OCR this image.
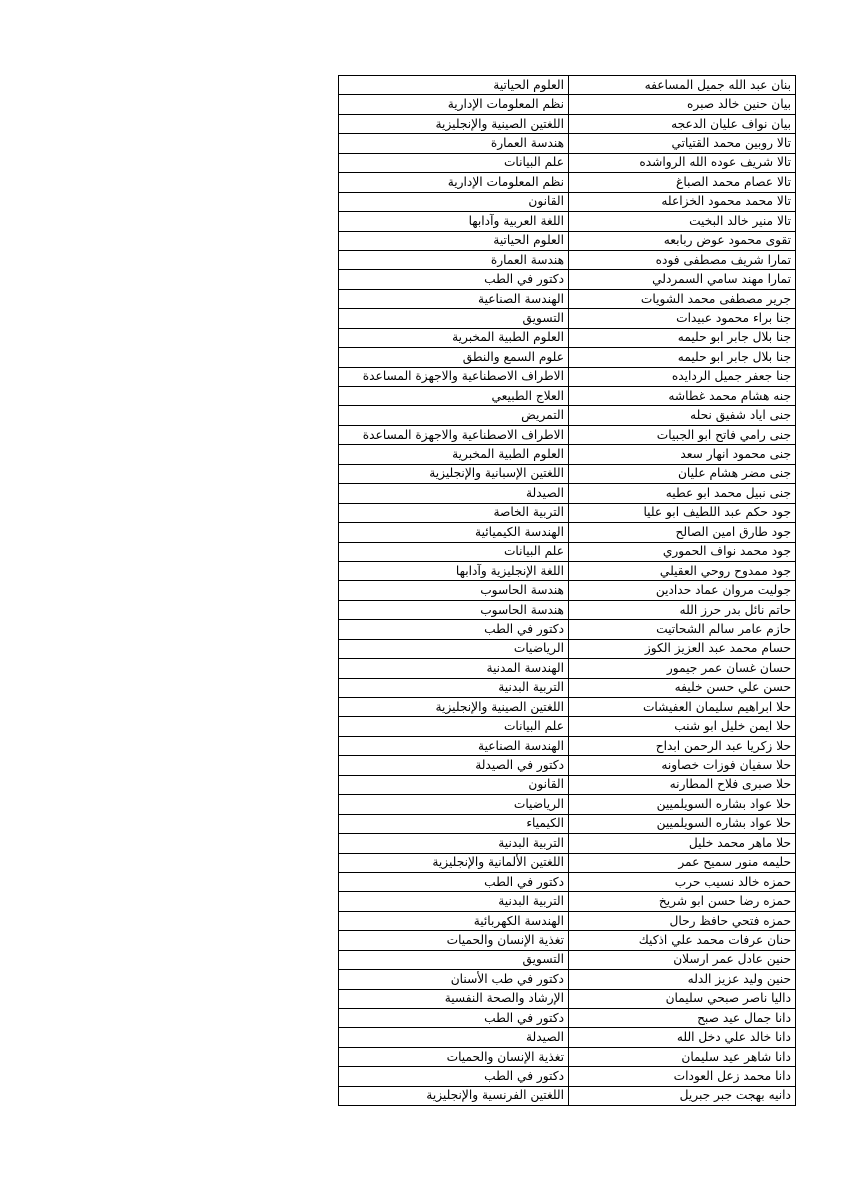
بنان عبد الله جميل المساعفه	العلوم الحياتية
بيان حنين خالد صبره	نظم المعلومات الإدارية
بيان نواف عليان الدعجه	اللغتين الصينية والإنجليزية
تالا روبين محمد القتياتي	هندسة العمارة
تالا شريف عوده الله الرواشده	علم البيانات
تالا عصام محمد الصباغ	نظم المعلومات الإدارية
تالا محمد محمود الخزاعله	القانون
تالا منير خالد البخيت	اللغة العربية وآدابها
تقوى محمود عوض ربابعه	العلوم الحياتية
تمارا شريف مصطفى فوده	هندسة العمارة
تمارا مهند سامي السمردلي	دكتور في الطب
جرير مصطفى محمد الشويات	الهندسة الصناعية
جنا براء محمود عبيدات	التسويق
جنا بلال جابر ابو حليمه	العلوم الطبية المخبرية
جنا بلال جابر ابو حليمه	علوم السمع والنطق
جنا جعفر جميل الردايده	الاطراف الاصطناعية والاجهزة المساعدة
جنه هشام محمد غطاشه	العلاج الطبيعي
جنى اياد شفيق نحله	التمريض
جنى رامي فاتح ابو الجبيات	الاطراف الاصطناعية والاجهزة المساعدة
جنى محمود انهار سعد	العلوم الطبية المخبرية
جنى مضر هشام عليان	اللغتين الإسبانية والإنجليزية
جنى نبيل محمد ابو عطيه	الصيدلة
جود حكم عبد اللطيف ابو عليا	التربية الخاصة
جود طارق امين الصالح	الهندسة الكيميائية
جود محمد نواف الحموري	علم البيانات
جود ممدوح روحي العقيلي	اللغة الإنجليزية وآدابها
جوليت مروان عماد حدادين	هندسة الحاسوب
حاتم نائل بدر حرز الله	هندسة الحاسوب
حازم عامر سالم الشحاتيت	دكتور في الطب
حسام محمد عبد العزيز الكوز	الرياضيات
حسان غسان عمر جيمور	الهندسة المدنية
حسن علي حسن خليفه	التربية البدنية
حلا ابراهيم سليمان العفيشات	اللغتين الصينية والإنجليزية
حلا ايمن خليل ابو شنب	علم البيانات
حلا زكريا عبد الرحمن ابداح	الهندسة الصناعية
حلا سفيان فوزات خصاونه	دكتور في الصيدلة
حلا صبرى فلاح المطارنه	القانون
حلا عواد بشاره السويلميين	الرياضيات
حلا عواد بشاره السويلميين	الكيمياء
حلا ماهر محمد خليل	التربية البدنية
حليمه منور سميح عمر	اللغتين الألمانية والإنجليزية
حمزه خالد نسيب حرب	دكتور في الطب
حمزه رضا حسن ابو شريخ	التربية البدنية
حمزه فتحي حافظ رحال	الهندسة الكهربائية
حنان عرفات محمد علي اذكيك	تغذية الإنسان والحميات
حنين عادل عمر ارسلان	التسويق
حنين وليد عزيز الدله	دكتور في طب الأسنان
داليا ناصر صبحي سليمان	الإرشاد والصحة النفسية
دانا جمال عيد صبح	دكتور في الطب
دانا خالد علي دخل الله	الصيدلة
دانا شاهر عيد سليمان	تغذية الإنسان والحميات
دانا محمد زعل العودات	دكتور في الطب
دانيه بهجت جبر جبريل	اللغتين الفرنسية والإنجليزية
